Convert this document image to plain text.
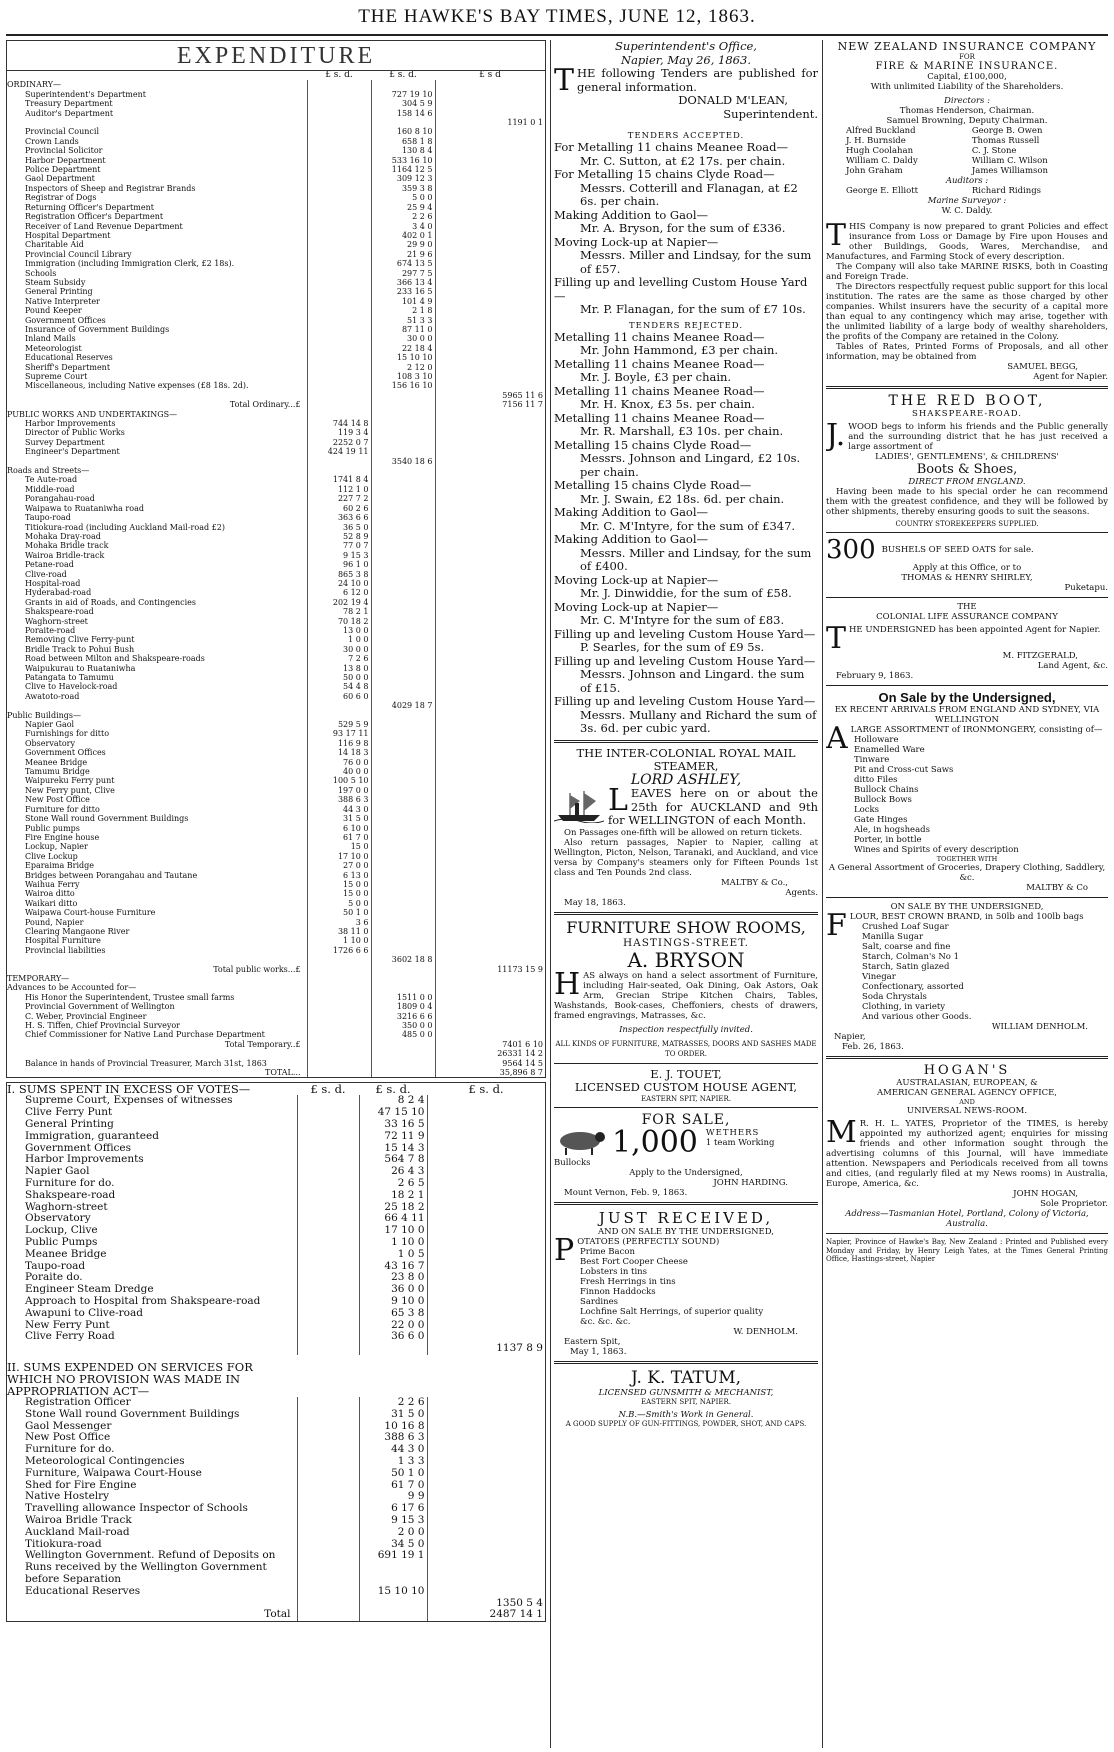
THE HAWKE'S BAY TIMES, JUNE 12, 1863.
EXPENDITURE
	£ s. d.	£ s. d.	£ s d
ORDINARY—			
Superintendent's Department		727 19 10	
Treasury Department		304 5 9	
Auditor's Department		158 14 6	
			1191 0 1

Provincial Council		160 8 10	
Crown Lands		658 1 8	
Provincial Solicitor		130 8 4	
Harbor Department		533 16 10	
Police Department		1164 12 5	
Gaol Department		309 12 3	
Inspectors of Sheep and Registrar Brands		359 3 8	
Registrar of Dogs		5 0 0	
Returning Officer's Department		25 9 4	
Registration Officer's Department		2 2 6	
Receiver of Land Revenue Department		3 4 0	
Hospital Department		402 0 1	
Charitable Aid		29 9 0	
Provincial Council Library		21 9 6	
Immigration (including Immigration Clerk, £2 18s).		674 13 5	
Schools		297 7 5	
Steam Subsidy		366 13 4	
General Printing		233 16 5	
Native Interpreter		101 4 9	
Pound Keeper		2 1 8	
Government Offices		51 3 3	
Insurance of Government Buildings		87 11 0	
Inland Mails		30 0 0	
Meteorologist		22 18 4	
Educational Reserves		15 10 10	
Sheriff's Department		2 12 0	
Supreme Court		108 3 10	
Miscellaneous, including Native expenses (£8 18s. 2d).		156 16 10	
			5965 11 6
Total Ordinary...£			7156 11 7
PUBLIC WORKS AND UNDERTAKINGS—			
Harbor Improvements	744 14 8		
Director of Public Works	119 3 4		
Survey Department	2252 0 7		
Engineer's Department	424 19 11		
		3540 18 6	

Roads and Streets—			
Te Aute-road	1741 8 4		
Middle-road	112 1 0		
Porangahau-road	227 7 2		
Waipawa to Ruataniwha road	60 2 6		
Taupo-road	363 6 6		
Titiokura-road (including Auckland Mail-road £2)	36 5 0		
Mohaka Dray-road	52 8 9		
Mohaka Bridle track	77 0 7		
Wairoa Bridle-track	9 15 3		
Petane-road	96 1 0		
Clive-road	865 3 8		
Hospital-road	24 10 0		
Hyderabad-road	6 12 0		
Grants in aid of Roads, and Contingencies	202 19 4		
Shakspeare-road	78 2 1		
Waghorn-street	70 18 2		
Poraite-road	13 0 0		
Removing Clive Ferry-punt	1 0 0		
Bridle Track to Pohui Bush	30 0 0		
Road between Milton and Shakspeare-roads	7 2 6		
Waipukurau to Ruataniwha	13 8 0		
Patangata to Tamumu	50 0 0		
Clive to Havelock-road	54 4 8		
Awatoto-road	60 6 0		
		4029 18 7	

Public Buildings—			
Napier Gaol	529 5 9		
Furnishings for ditto	93 17 11		
Observatory	116 9 8		
Government Offices	14 18 3		
Meanee Bridge	76 0 0		
Tamumu Bridge	40 0 0		
Waipureku Ferry punt	100 5 10		
New Ferry punt, Clive	197 0 0		
New Post Office	388 6 3		
Furniture for ditto	44 3 0		
Stone Wall round Government Buildings	31 5 0		
Public pumps	6 10 0		
Fire Engine house	61 7 0		
Lockup, Napier	15 0		
Clive Lockup	17 10 0		
Eparaima Bridge	27 0 0		
Bridges between Porangahau and Tautane	6 13 0		
Waihua Ferry	15 0 0		
Wairoa ditto	15 0 0		
Waikari ditto	5 0 0		
Waipawa Court-house Furniture	50 1 0		
Pound, Napier	3 6		
Clearing Mangaone River	38 11 0		
Hospital Furniture	1 10 0		
Provincial liabilities	1726 6 6		
		3602 18 8	
Total public works...£			11173 15 9
TEMPORARY—			
Advances to be Accounted for—			
His Honor the Superintendent, Trustee small farms		1511 0 0	
Provincial Government of Wellington		1809 0 4	
C. Weber, Provincial Engineer		3216 6 6	
H. S. Tiffen, Chief Provincial Surveyor		350 0 0	
Chief Commissioner for Native Land Purchase Department		485 0 0	

Total Temporary..£			7401 6 10
			26331 14 2
Balance in hands of Provincial Treasurer, March 31st, 1863			9564 14 5
TOTAL...			35,896 8 7
I. SUMS SPENT IN EXCESS OF VOTES—	£ s. d.	£ s. d.	£ s. d.
Supreme Court, Expenses of witnesses		8 2 4	
Clive Ferry Punt		47 15 10	
General Printing		33 16 5	
Immigration, guaranteed		72 11 9	
Government Offices		15 14 3	
Harbor Improvements		564 7 8	
Napier Gaol		26 4 3	
Furniture for do.		2 6 5	
Shakspeare-road		18 2 1	
Waghorn-street		25 18 2	
Observatory		66 4 11	
Lockup, Clive		17 10 0	
Public Pumps		1 10 0	
Meanee Bridge		1 0 5	
Taupo-road		43 16 7	
Poraite do.		23 8 0	
Engineer Steam Dredge		36 0 0	
Approach to Hospital from Shakspeare-road		9 10 0	
Awapuni to Clive-road		65 3 8	
New Ferry Punt		22 0 0	
Clive Ferry Road		36 6 0	
			1137 8 9
II. SUMS EXPENDED ON SERVICES FOR WHICH NO PROVISION WAS MADE IN APPROPRIATION ACT—			
Registration Officer		2 2 6	
Stone Wall round Government Buildings		31 5 0	
Gaol Messenger		10 16 8	
New Post Office		388 6 3	
Furniture for do.		44 3 0	
Meteorological Contingencies		1 3 3	
Furniture, Waipawa Court-House		50 1 0	
Shed for Fire Engine		61 7 0	
Native Hostelry		9 9	
Travelling allowance Inspector of Schools		6 17 6	
Wairoa Bridle Track		9 15 3	
Auckland Mail-road		2 0 0	
Titiokura-road		34 5 0	
Wellington Government. Refund of Deposits on Runs received by the Wellington Government before Separation		691 19 1	
Educational Reserves		15 10 10	
			1350 5 4
Total			2487 14 1
Superintendent's Office,
Napier, May 26, 1863.
THE following Tenders are published for general information.
DONALD M'LEAN,
Superintendent.
TENDERS ACCEPTED.
For Metalling 11 chains Meanee Road—
Mr. C. Sutton, at £2 17s. per chain.
For Metalling 15 chains Clyde Road—
Messrs. Cotterill and Flanagan, at £2 6s. per chain.
Making Addition to Gaol—
Mr. A. Bryson, for the sum of £336.
Moving Lock-up at Napier—
Messrs. Miller and Lindsay, for the sum of £57.
Filling up and levelling Custom House Yard—
Mr. P. Flanagan, for the sum of £7 10s.
TENDERS REJECTED.
Metalling 11 chains Meanee Road—
Mr. John Hammond, £3 per chain.
Metalling 11 chains Meanee Road—
Mr. J. Boyle, £3 per chain.
Metalling 11 chains Meanee Road—
Mr. H. Knox, £3 5s. per chain.
Metalling 11 chains Meanee Road—
Mr. R. Marshall, £3 10s. per chain.
Metalling 15 chains Clyde Road—
Messrs. Johnson and Lingard, £2 10s. per chain.
Metalling 15 chains Clyde Road—
Mr. J. Swain, £2 18s. 6d. per chain.
Making Addition to Gaol—
Mr. C. M'Intyre, for the sum of £347.
Making Addition to Gaol—
Messrs. Miller and Lindsay, for the sum of £400.
Moving Lock-up at Napier—
Mr. J. Dinwiddie, for the sum of £58.
Moving Lock-up at Napier—
Mr. C. M'Intyre for the sum of £83.
Filling up and leveling Custom House Yard—
P. Searles, for the sum of £9 5s.
Filling up and leveling Custom House Yard—
Messrs. Johnson and Lingard. the sum of £15.
Filling up and leveling Custom House Yard—
Messrs. Mullany and Richard the sum of 3s. 6d. per cubic yard.
THE INTER-COLONIAL ROYAL MAIL STEAMER,
LORD ASHLEY,
LEAVES here on or about the 25th for AUCKLAND and 9th for WELLINGTON of each Month.
On Passages one-fifth will be allowed on return tickets.
Also return passages, Napier to Napier, calling at Wellington, Picton, Nelson, Taranaki, and Auckland, and vice versa by Company's steamers only for Fifteen Pounds 1st class and Ten Pounds 2nd class.
MALTBY & Co.,
Agents.
May 18, 1863.
FURNITURE SHOW ROOMS,
HASTINGS-STREET.
A. BRYSON
HAS always on hand a select assortment of Furniture, including Hair-seated, Oak Dining, Oak Astors, Oak Arm, Grecian Stripe Kitchen Chairs, Tables, Washstands, Book-cases, Cheffoniers, chests of drawers, framed engravings, Matrasses, &c.
Inspection respectfully invited.
ALL KINDS OF FURNITURE, MATRASSES, DOORS AND SASHES MADE TO ORDER.
E. J. TOUET,
LICENSED CUSTOM HOUSE AGENT,
EASTERN SPIT, NAPIER.
FOR SALE,
1,000 WETHERS
1 team Working
Bullocks
Apply to the Undersigned,
JOHN HARDING.
Mount Vernon, Feb. 9, 1863.
JUST RECEIVED,
AND ON SALE BY THE UNDERSIGNED,
POTATOES (PERFECTLY SOUND)
Prime Bacon
Best Fort Cooper Cheese
Lobsters in tins
Fresh Herrings in tins
Finnon Haddocks
Sardines
Lochfine Salt Herrings, of superior quality
&c. &c. &c.
W. DENHOLM.
Eastern Spit,
May 1, 1863.
J. K. TATUM,
LICENSED GUNSMITH & MECHANIST,
EASTERN SPIT, NAPIER.
N.B.—Smith's Work in General.
A GOOD SUPPLY OF GUN-FITTINGS, POWDER, SHOT, AND CAPS.
NEW ZEALAND INSURANCE COMPANY
FOR
FIRE & MARINE INSURANCE.
Capital, £100,000,
With unlimited Liability of the Shareholders.
Directors :
Thomas Henderson, Chairman.
Samuel Browning, Deputy Chairman.
Alfred Buckland	George B. Owen
J. H. Burnside	Thomas Russell
Hugh Coolahan	C. J. Stone
William C. Daldy	William C. Wilson
John Graham	James Williamson
Auditors :
George E. Elliott	Richard Ridings
Marine Surveyor :
W. C. Daldy.
THIS Company is now prepared to grant Policies and effect insurance from Loss or Damage by Fire upon Houses and other Buildings, Goods, Wares, Merchandise, and Manufactures, and Farming Stock of every description.
The Company will also take MARINE RISKS, both in Coasting and Foreign Trade.
The Directors respectfully request public support for this local institution. The rates are the same as those charged by other companies. Whilst insurers have the security of a capital more than equal to any contingency which may arise, together with the unlimited liability of a large body of wealthy shareholders, the profits of the Company are retained in the Colony.
Tables of Rates, Printed Forms of Proposals, and all other information, may be obtained from
SAMUEL BEGG,
Agent for Napier.
THE RED BOOT,
SHAKSPEARE-ROAD.
J. WOOD begs to inform his friends and the Public generally and the surrounding district that he has just received a large assortment of
LADIES', GENTLEMENS', & CHILDRENS'
Boots & Shoes,
DIRECT FROM ENGLAND.
Having been made to his special order he can recommend them with the greatest confidence, and they will be followed by other shipments, thereby ensuring goods to suit the seasons.
COUNTRY STOREKEEPERS SUPPLIED.
300 BUSHELS OF SEED OATS for sale.
Apply at this Office, or to
THOMAS & HENRY SHIRLEY,
Puketapu.
THE
COLONIAL LIFE ASSURANCE COMPANY
THE UNDERSIGNED has been appointed Agent for Napier.
M. FITZGERALD,
Land Agent, &c.
February 9, 1863.
On Sale by the Undersigned,
EX RECENT ARRIVALS FROM ENGLAND AND SYDNEY, VIA WELLINGTON
ALARGE ASSORTMENT of IRONMONGERY, consisting of—
Holloware
Enamelled Ware
Tinware
Pit and Cross-cut Saws
ditto Files
Bullock Chains
Bullock Bows
Locks
Gate Hinges
Ale, in hogsheads
Porter, in bottle
Wines and Spirits of every description
TOGETHER WITH
A General Assortment of Groceries, Drapery Clothing, Saddlery, &c.
MALTBY & Co
ON SALE BY THE UNDERSIGNED,
FLOUR, BEST CROWN BRAND, in 50lb and 100lb bags
Crushed Loaf Sugar
Manilla Sugar
Salt, coarse and fine
Starch, Colman's No 1
Starch, Satin glazed
Vinegar
Confectionary, assorted
Soda Chrystals
Clothing, in variety
And various other Goods.
WILLIAM DENHOLM.
Napier,
Feb. 26, 1863.
HOGAN'S
AUSTRALASIAN, EUROPEAN, &
AMERICAN GENERAL AGENCY OFFICE,
AND
UNIVERSAL NEWS-ROOM.
M R. H. L. YATES, Proprietor of the TIMES, is hereby appointed my authorized agent; enquiries for missing friends and other information sought through the advertising columns of this Journal, will have immediate attention. Newspapers and Periodicals received from all towns and cities, (and regularly filed at my News rooms) in Australia, Europe, America, &c.
JOHN HOGAN,
Sole Proprietor.
Address—Tasmanian Hotel, Portland, Colony of Victoria, Australia.
Napier, Province of Hawke's Bay, New Zealand : Printed and Published every Monday and Friday, by Henry Leigh Yates, at the Times General Printing Office, Hastings-street, Napier
